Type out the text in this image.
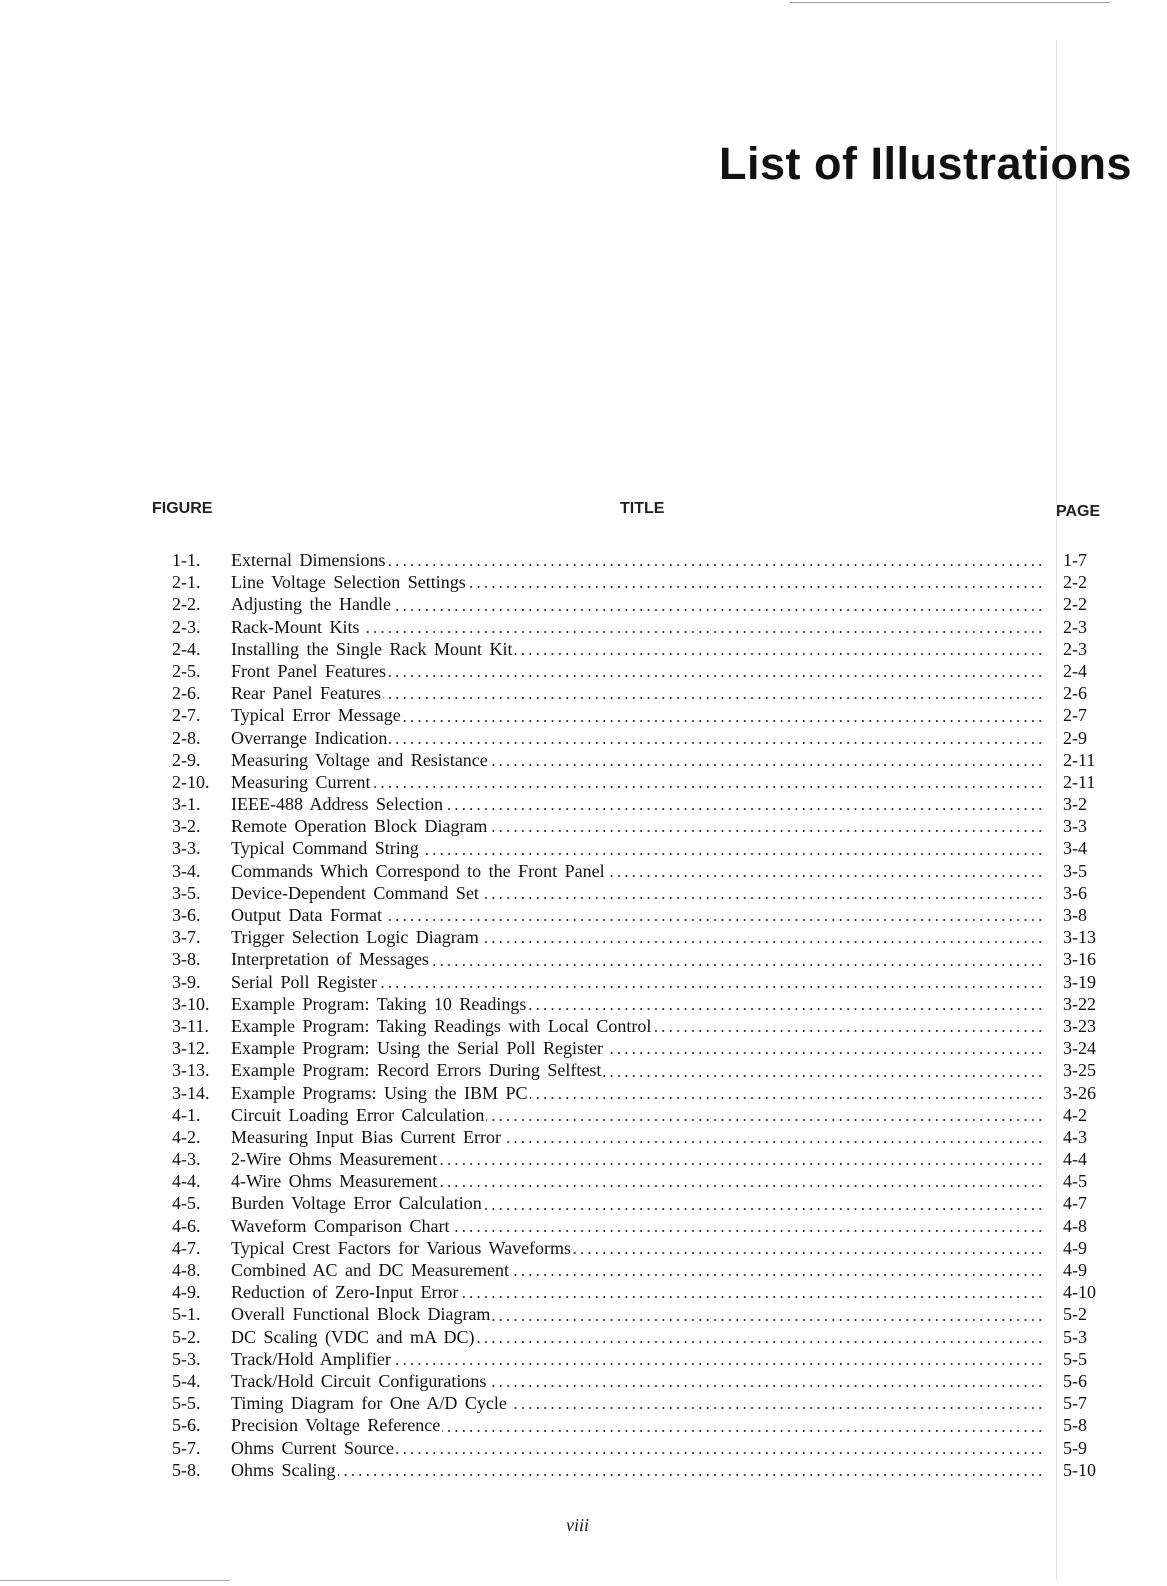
List of Illustrations
FIGURE	TITLE	PAGE
1-1.	External Dimensions	1-7
2-1.	Line Voltage Selection Settings	2-2
2-2.	Adjusting the Handle	2-2
2-3.	Rack-Mount Kits	2-3
2-4.	Installing the Single Rack Mount Kit	2-3
2-5.	Front Panel Features	2-4
2-6.	Rear Panel Features	2-6
2-7.	Typical Error Message	2-7
2-8.	Overrange Indication	2-9
2-9.	Measuring Voltage and Resistance	2-11
2-10.	Measuring Current	2-11
3-1.	IEEE-488 Address Selection	3-2
3-2.	Remote Operation Block Diagram	3-3
3-3.	Typical Command String	3-4
3-4.	Commands Which Correspond to the Front Panel	3-5
3-5.	Device-Dependent Command Set	3-6
3-6.	Output Data Format	3-8
3-7.	Trigger Selection Logic Diagram	3-13
3-8.	Interpretation of Messages	3-16
3-9.	Serial Poll Register	3-19
3-10.	Example Program: Taking 10 Readings	3-22
3-11.	Example Program: Taking Readings with Local Control	3-23
3-12.	Example Program: Using the Serial Poll Register	3-24
3-13.	Example Program: Record Errors During Selftest	3-25
3-14.	Example Programs: Using the IBM PC	3-26
4-1.	Circuit Loading Error Calculation	4-2
4-2.	Measuring Input Bias Current Error	4-3
4-3.	2-Wire Ohms Measurement	4-4
4-4.	4-Wire Ohms Measurement	4-5
4-5.	Burden Voltage Error Calculation	4-7
4-6.	Waveform Comparison Chart	4-8
4-7.	Typical Crest Factors for Various Waveforms	4-9
4-8.	Combined AC and DC Measurement	4-9
4-9.	Reduction of Zero-Input Error	4-10
5-1.	Overall Functional Block Diagram	5-2
5-2.	DC Scaling (VDC and mA DC)	5-3
5-3.	Track/Hold Amplifier	5-5
5-4.	Track/Hold Circuit Configurations	5-6
5-5.	Timing Diagram for One A/D Cycle	5-7
5-6.	Precision Voltage Reference	5-8
5-7.	Ohms Current Source	5-9
5-8.	Ohms Scaling	5-10
viii
